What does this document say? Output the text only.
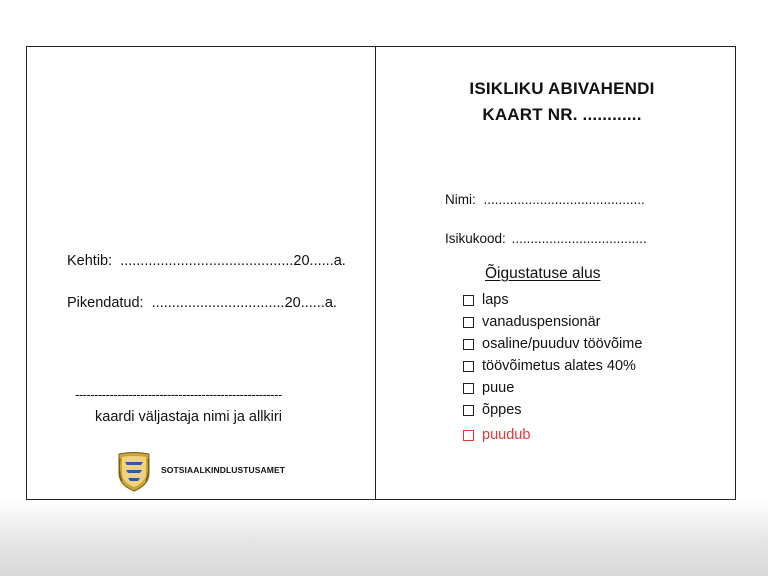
Kehtib: ...........................................20......a.
Pikendatud: .................................20......a.
------------------------------------------------------
kaardi väljastaja nimi ja allkiri
SOTSIAALKINDLUSTUSAMET
ISIKLIKU ABIVAHENDI
KAART NR. ............
Nimi: ...........................................
Isikukood: ....................................
Õigustatuse alus
laps
vanaduspensionär
osaline/puuduv töövõime
töövõimetus alates 40%
puue
õppes
puudub
